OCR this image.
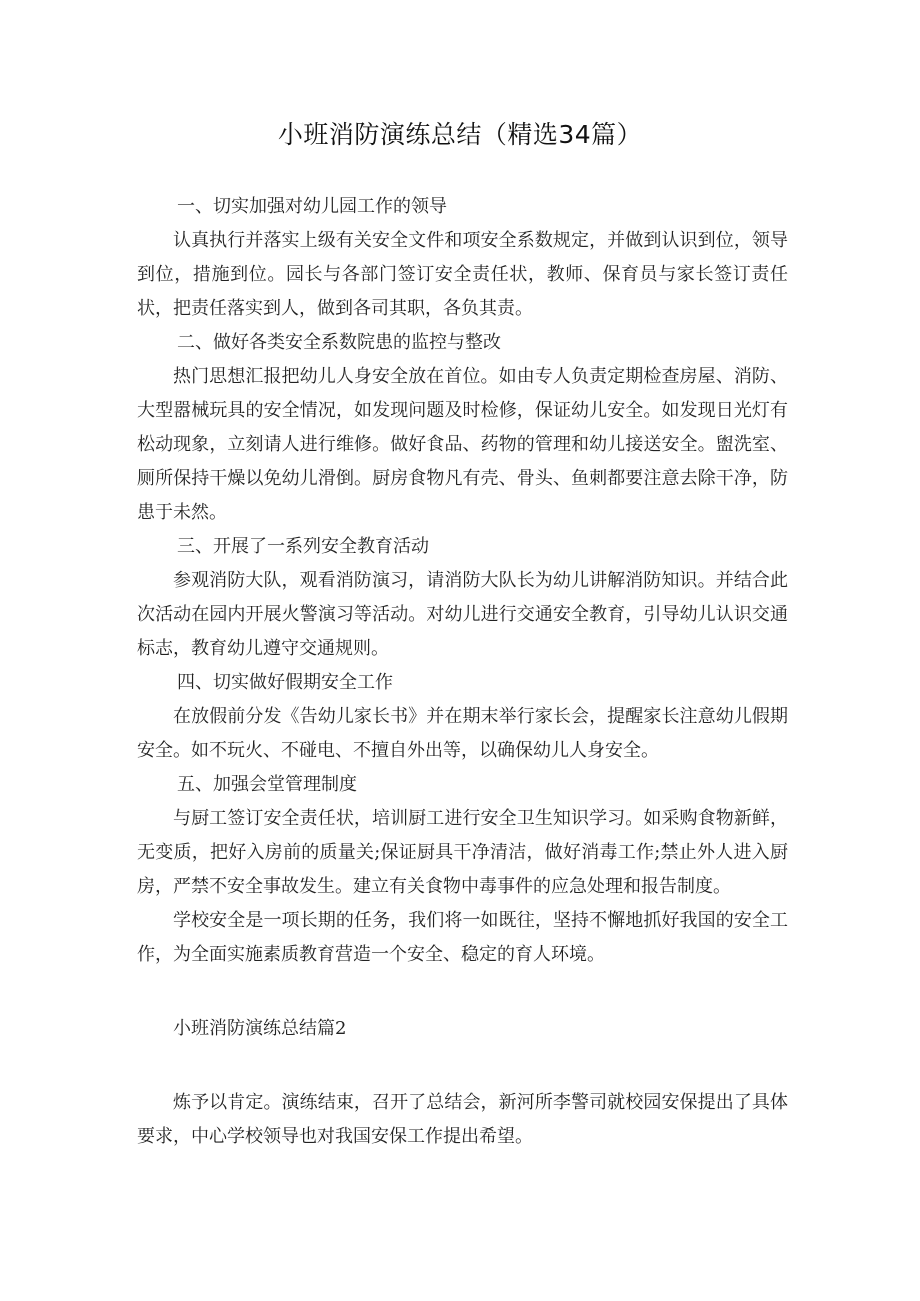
小班消防演练总结（精选34篇）

一、切实加强对幼儿园工作的领导

认真执行并落实上级有关安全文件和项安全系数规定，并做到认识到位，领导到位，措施到位。园长与各部门签订安全责任状，教师、保育员与家长签订责任状，把责任落实到人，做到各司其职，各负其责。

二、做好各类安全系数院患的监控与整改

热门思想汇报把幼儿人身安全放在首位。如由专人负责定期检查房屋、消防、大型嚣械玩具的安全情况，如发现问题及时检修，保证幼儿安全。如发现日光灯有松动现象，立刻请人进行维修。做好食品、药物的管理和幼儿接送安全。盥洗室、厕所保持干燥以免幼儿滑倒。厨房食物凡有壳、骨头、鱼刺都要注意去除干净，防患于未然。

三、开展了一系列安全教育活动

参观消防大队，观看消防演习，请消防大队长为幼儿讲解消防知识。并结合此次活动在园内开展火警演习等活动。对幼儿进行交通安全教育，引导幼儿认识交通标志，教育幼儿遵守交通规则。

四、切实做好假期安全工作

在放假前分发《告幼儿家长书》并在期末举行家长会，提醒家长注意幼儿假期安全。如不玩火、不碰电、不擅自外出等，以确保幼儿人身安全。

五、加强会堂管理制度

与厨工签订安全责任状，培训厨工进行安全卫生知识学习。如采购食物新鲜，无变质，把好入房前的质量关;保证厨具干净清洁，做好消毒工作;禁止外人进入厨房，严禁不安全事故发生。建立有关食物中毒事件的应急处理和报告制度。

学校安全是一项长期的任务，我们将一如既往，坚持不懈地抓好我国的安全工作，为全面实施素质教育营造一个安全、稳定的育人环境。

小班消防演练总结篇2

炼予以肯定。演练结束，召开了总结会，新河所李警司就校园安保提出了具体要求，中心学校领导也对我国安保工作提出希望。
